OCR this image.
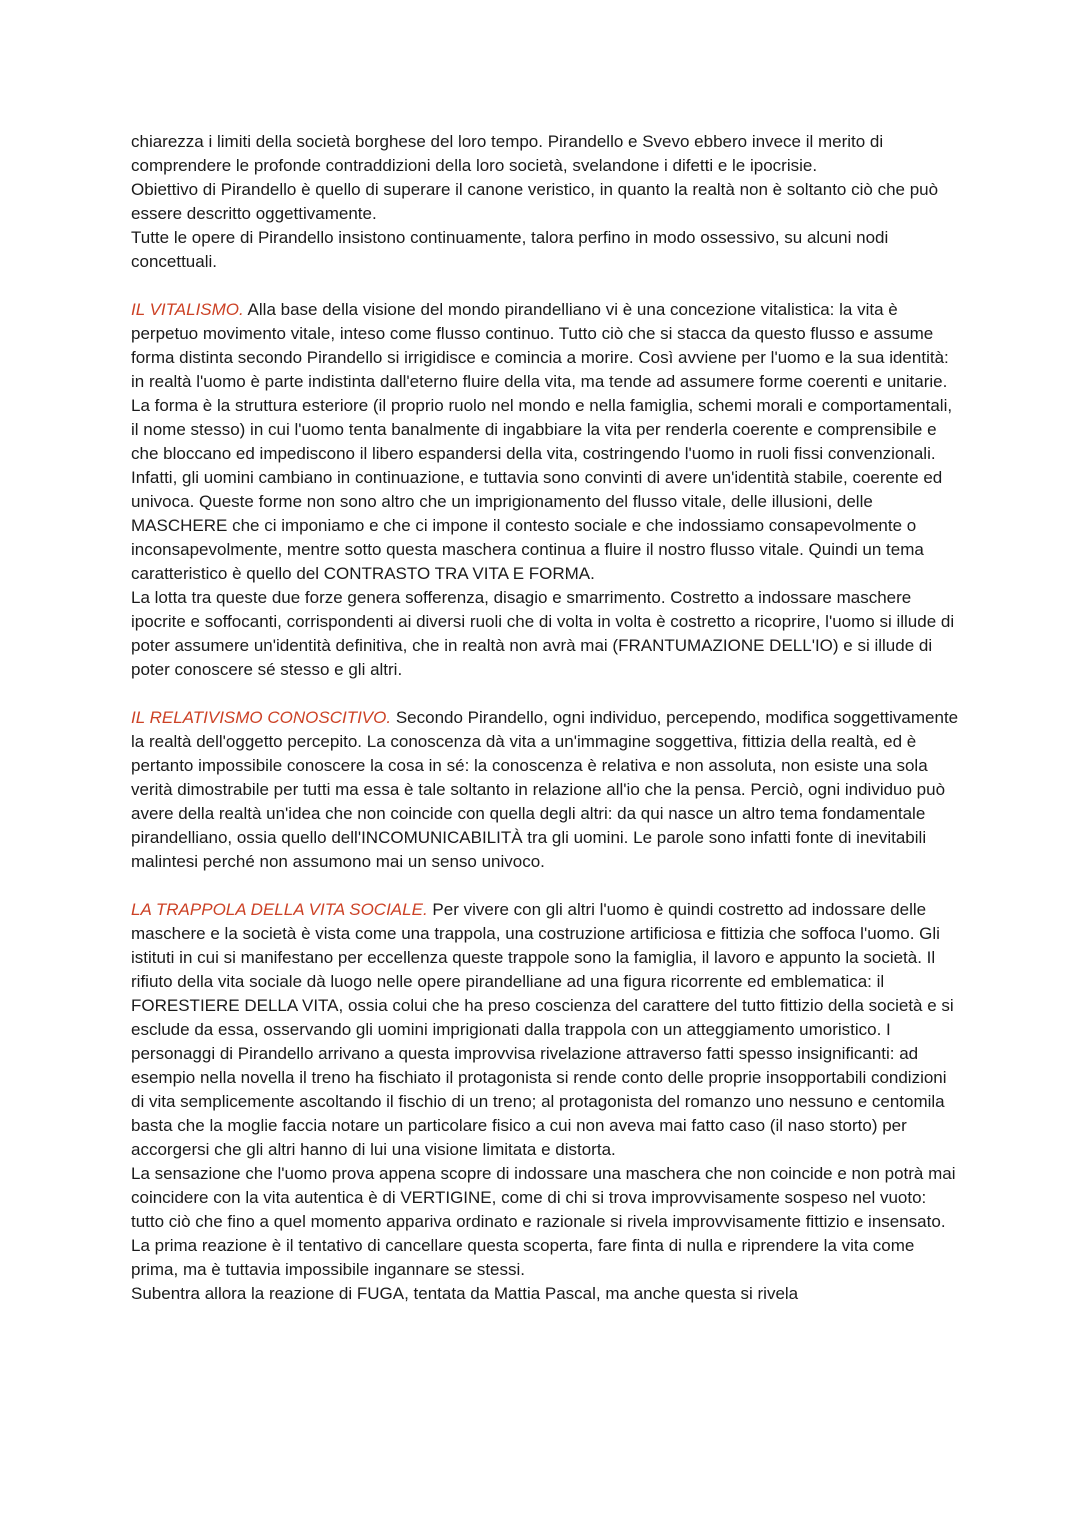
chiarezza i limiti della società borghese del loro tempo. Pirandello e Svevo ebbero invece il merito di comprendere le profonde contraddizioni della loro società, svelandone i difetti e le ipocrisie.

Obiettivo di Pirandello è quello di superare il canone veristico, in quanto la realtà non è soltanto ciò che può essere descritto oggettivamente.

Tutte le opere di Pirandello insistono continuamente, talora perfino in modo ossessivo, su alcuni nodi concettuali.

IL VITALISMO. Alla base della visione del mondo pirandelliano vi è una concezione vitalistica: la vita è perpetuo movimento vitale, inteso come flusso continuo. Tutto ciò che si stacca da questo flusso e assume forma distinta secondo Pirandello si irrigidisce e comincia a morire. Così avviene per l'uomo e la sua identità: in realtà l'uomo è parte indistinta dall'eterno fluire della vita, ma tende ad assumere forme coerenti e unitarie. La forma è la struttura esteriore (il proprio ruolo nel mondo e nella famiglia, schemi morali e comportamentali, il nome stesso) in cui l'uomo tenta banalmente di ingabbiare la vita per renderla coerente e comprensibile e che bloccano ed impediscono il libero espandersi della vita, costringendo l'uomo in ruoli fissi convenzionali. Infatti, gli uomini cambiano in continuazione, e tuttavia sono convinti di avere un'identità stabile, coerente ed univoca. Queste forme non sono altro che un imprigionamento del flusso vitale, delle illusioni, delle MASCHERE che ci imponiamo e che ci impone il contesto sociale e che indossiamo consapevolmente o inconsapevolmente, mentre sotto questa maschera continua a fluire il nostro flusso vitale. Quindi un tema caratteristico è quello del CONTRASTO TRA VITA E FORMA.

La lotta tra queste due forze genera sofferenza, disagio e smarrimento. Costretto a indossare maschere ipocrite e soffocanti, corrispondenti ai diversi ruoli che di volta in volta è costretto a ricoprire, l'uomo si illude di poter assumere un'identità definitiva, che in realtà non avrà mai (FRANTUMAZIONE DELL'IO) e si illude di poter conoscere sé stesso e gli altri.

IL RELATIVISMO CONOSCITIVO. Secondo Pirandello, ogni individuo, percependo, modifica soggettivamente la realtà dell'oggetto percepito. La conoscenza dà vita a un'immagine soggettiva, fittizia della realtà, ed è pertanto impossibile conoscere la cosa in sé: la conoscenza è relativa e non assoluta, non esiste una sola verità dimostrabile per tutti ma essa è tale soltanto in relazione all'io che la pensa. Perciò, ogni individuo può avere della realtà un'idea che non coincide con quella degli altri: da qui nasce un altro tema fondamentale pirandelliano, ossia quello dell'INCOMUNICABILITÀ tra gli uomini. Le parole sono infatti fonte di inevitabili malintesi perché non assumono mai un senso univoco.

LA TRAPPOLA DELLA VITA SOCIALE. Per vivere con gli altri l'uomo è quindi costretto ad indossare delle maschere e la società è vista come una trappola, una costruzione artificiosa e fittizia che soffoca l'uomo. Gli istituti in cui si manifestano per eccellenza queste trappole sono la famiglia, il lavoro e appunto la società. Il rifiuto della vita sociale dà luogo nelle opere pirandelliane ad una figura ricorrente ed emblematica: il FORESTIERE DELLA VITA, ossia colui che ha preso coscienza del carattere del tutto fittizio della società e si esclude da essa, osservando gli uomini imprigionati dalla trappola con un atteggiamento umoristico. I personaggi di Pirandello arrivano a questa improvvisa rivelazione attraverso fatti spesso insignificanti: ad esempio nella novella il treno ha fischiato il protagonista si rende conto delle proprie insopportabili condizioni di vita semplicemente ascoltando il fischio di un treno; al protagonista del romanzo uno nessuno e centomila basta che la moglie faccia notare un particolare fisico a cui non aveva mai fatto caso (il naso storto) per accorgersi che gli altri hanno di lui una visione limitata e distorta.

La sensazione che l'uomo prova appena scopre di indossare una maschera che non coincide e non potrà mai coincidere con la vita autentica è di VERTIGINE, come di chi si trova improvvisamente sospeso nel vuoto: tutto ciò che fino a quel momento appariva ordinato e razionale si rivela improvvisamente fittizio e insensato. La prima reazione è il tentativo di cancellare questa scoperta, fare finta di nulla e riprendere la vita come prima, ma è tuttavia impossibile ingannare se stessi.

Subentra allora la reazione di FUGA, tentata da Mattia Pascal, ma anche questa si rivela
